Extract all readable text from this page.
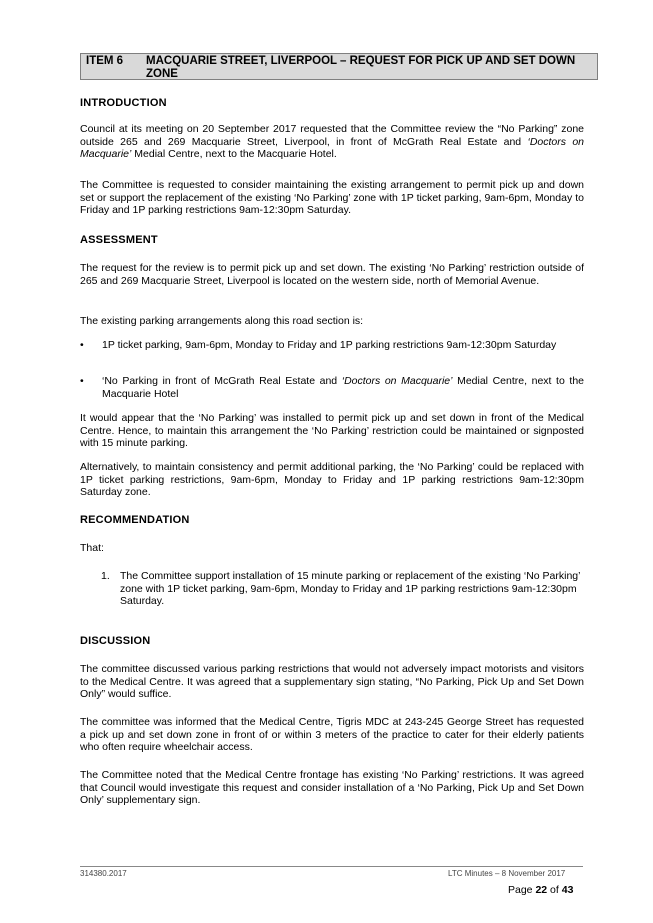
ITEM 6 MACQUARIE STREET, LIVERPOOL – REQUEST FOR PICK UP AND SET DOWN ZONE
INTRODUCTION

Council at its meeting on 20 September 2017 requested that the Committee review the “No Parking” zone outside 265 and 269 Macquarie Street, Liverpool, in front of McGrath Real Estate and ‘Doctors on Macquarie’ Medial Centre, next to the Macquarie Hotel.

The Committee is requested to consider maintaining the existing arrangement to permit pick up and down set or support the replacement of the existing ‘No Parking’ zone with 1P ticket parking, 9am-6pm, Monday to Friday and 1P parking restrictions 9am-12:30pm Saturday.

ASSESSMENT

The request for the review is to permit pick up and set down. The existing ‘No Parking’ restriction outside of 265 and 269 Macquarie Street, Liverpool is located on the western side, north of Memorial Avenue.

The existing parking arrangements along this road section is:

• 1P ticket parking, 9am-6pm, Monday to Friday and 1P parking restrictions 9am-12:30pm Saturday

• ‘No Parking in front of McGrath Real Estate and ‘Doctors on Macquarie’ Medial Centre, next to the Macquarie Hotel

It would appear that the ‘No Parking’ was installed to permit pick up and set down in front of the Medical Centre. Hence, to maintain this arrangement the ‘No Parking’ restriction could be maintained or signposted with 15 minute parking.

Alternatively, to maintain consistency and permit additional parking, the ‘No Parking’ could be replaced with 1P ticket parking restrictions, 9am-6pm, Monday to Friday and 1P parking restrictions 9am-12:30pm Saturday zone.

RECOMMENDATION

That:

1. The Committee support installation of 15 minute parking or replacement of the existing ‘No Parking’ zone with 1P ticket parking, 9am-6pm, Monday to Friday and 1P parking restrictions 9am-12:30pm Saturday.

DISCUSSION

The committee discussed various parking restrictions that would not adversely impact motorists and visitors to the Medical Centre. It was agreed that a supplementary sign stating, “No Parking, Pick Up and Set Down Only” would suffice.

The committee was informed that the Medical Centre, Tigris MDC at 243-245 George Street has requested a pick up and set down zone in front of or within 3 meters of the practice to cater for their elderly patients who often require wheelchair access.

The Committee noted that the Medical Centre frontage has existing ‘No Parking’ restrictions. It was agreed that Council would investigate this request and consider installation of a ‘No Parking, Pick Up and Set Down Only’ supplementary sign.

314380.2017	LTC Minutes – 8 November 2017
Page 22 of 43
